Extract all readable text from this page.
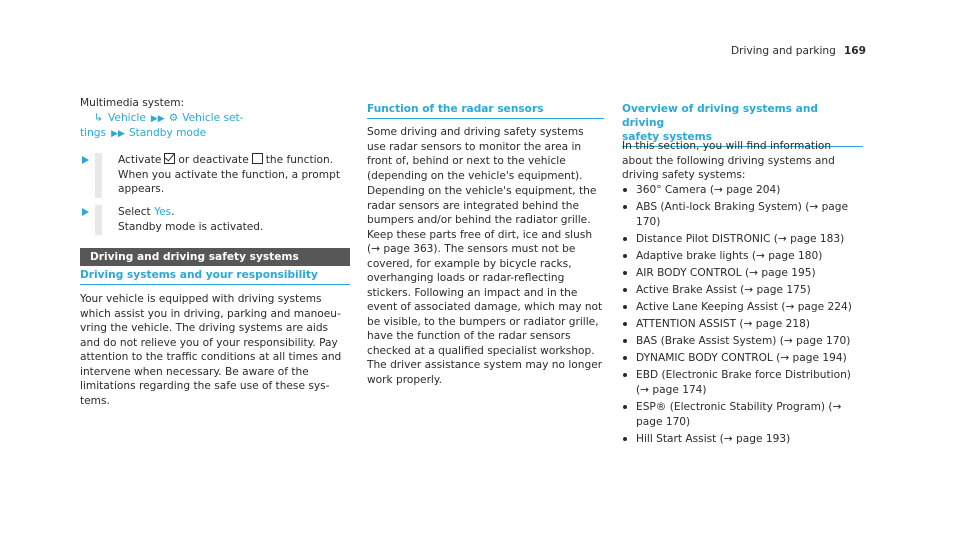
Driving and parking 169
Multimedia system:
↳ Vehicle ▶▶ ⚙ Vehicle set-
tings ▶▶ Standby mode
Activate or deactivate the function.
When you activate the function, a prompt appears.
Select Yes.
Standby mode is activated.
Driving and driving safety systems
Driving systems and your responsibility
Your vehicle is equipped with driving systems which assist you in driving, parking and manoeuvring the vehicle. The driving systems are aids and do not relieve you of your responsibility. Pay attention to the traffic conditions at all times and intervene when necessary. Be aware of the limitations regarding the safe use of these systems.
Function of the radar sensors
Some driving and driving safety systems use radar sensors to monitor the area in front of, behind or next to the vehicle (depending on the vehicle's equipment).
Depending on the vehicle's equipment, the radar sensors are integrated behind the bumpers and/or behind the radiator grille. Keep these parts free of dirt, ice and slush (→ page 363). The sensors must not be covered, for example by bicycle racks, overhanging loads or radar-reflecting stickers. Following an impact and in the event of associated damage, which may not be visible, to the bumpers or radiator grille, have the function of the radar sensors checked at a qualified specialist workshop. The driver assistance system may no longer work properly.
Overview of driving systems and driving
safety systems
In this section, you will find information about the following driving systems and driving safety systems:
360° Camera (→ page 204)
ABS (Anti-lock Braking System) (→ page 170)
Distance Pilot DISTRONIC (→ page 183)
Adaptive brake lights (→ page 180)
AIR BODY CONTROL (→ page 195)
Active Brake Assist (→ page 175)
Active Lane Keeping Assist (→ page 224)
ATTENTION ASSIST (→ page 218)
BAS (Brake Assist System) (→ page 170)
DYNAMIC BODY CONTROL (→ page 194)
EBD (Electronic Brake force Distribution) (→ page 174)
ESP® (Electronic Stability Program) (→ page 170)
Hill Start Assist (→ page 193)
